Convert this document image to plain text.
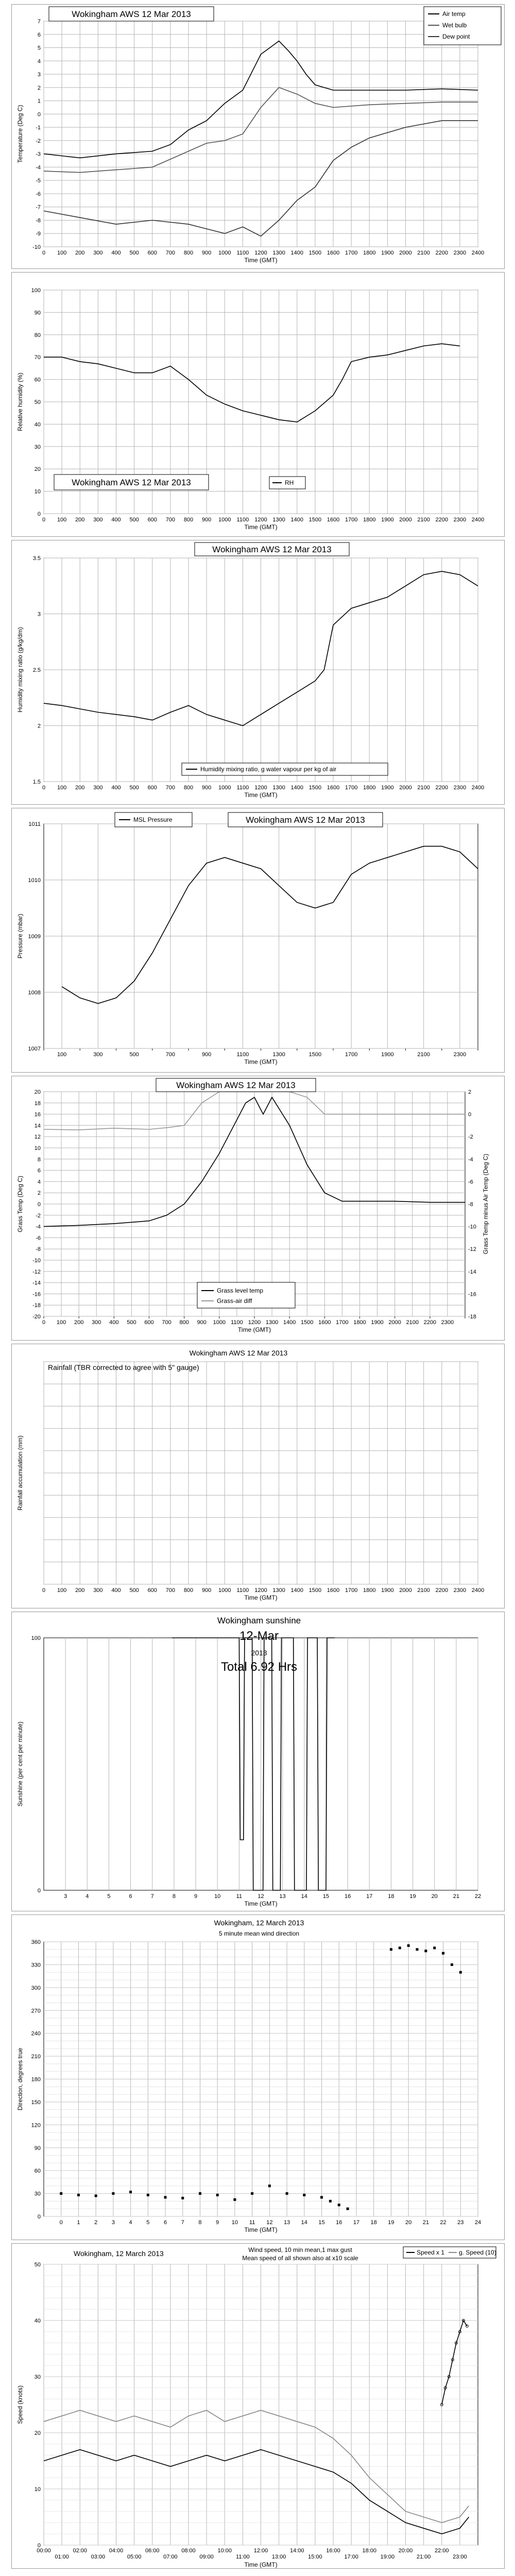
0 100 200 300 400 500 600 700 800 900 1000 1100 1200 1300 1400 1500 1600 1700 1800 1900 2000 2100 2200 2300 2400
-10
-9
-8
-7
-6
-5
-4
-3
-2
-1
0
1
2
3
4
5
6
7
Time (GMT)
Temperature (Deg C)
Wokingham AWS 12 Mar 2013	Air temp
Wet bulb
Dew point
0 100 200 300 400 500 600 700 800 900 1000 1100 1200 1300 1400 1500 1600 1700 1800 1900 2000 2100 2200 2300 2400
0
10
20
30
40
50
60
70
80
90
100
Time (GMT)
Relative humidity (%)
Wokingham AWS 12 Mar 2013	RH
0 100 200 300 400 500 600 700 800 900 1000 1100 1200 1300 1400 1500 1600 1700 1800 1900 2000 2100 2200 2300 2400
1.5
2
2.5
3
3.5
Time (GMT)
Humidity mixing ratio (g/kg/dm)
Wokingham AWS 12 Mar 2013
Humidity mixing ratio, g water vapour per kg of air
100	300	500	700	900	1100	1300	1500	1700	1900	2100	2300
1007
1008
1009
1010
1011
Time (GMT)
Pressure (mbar)
MSL Pressure	Wokingham AWS 12 Mar 2013
0 100 200 300 400 500 600 700 800 900 1000 1100 1200 1300 1400 1500 1600 1700 1800 1900 2000 2100 2200 2300
-20
-18
-16
-14
-12
-10
-8
-6
-4
-2
0
2
4
6
8
10
12
14
16
18
20
-18
-16
-14
-12
-10
-8
-6
-4
-2
0
2
Grass Temp minus Air Temp (Deg C)
Time (GMT)
Grass Temp (Deg C)
Wokingham AWS 12 Mar 2013
Grass level temp
Grass-air diff
0 100 200 300 400 500 600 700 800 900 1000 1100 1200 1300 1400 1500 1600 1700 1800 1900 2000 2100 2200 2300 2400
Time (GMT)
Rainfall accumulation (mm)
Wokingham AWS 12 Mar 2013
Rainfall (TBR corrected to agree with 5" gauge)
3	4	5	6	7	8	9	10	11	12	13	14	15	16	17	18	19	20	21	22
0
100
Time (GMT)
Sunshine (per cent per minute)
Wokingham sunshine
12-Mar
2013
Total 6.92 Hrs
0	1	2	3	4	5	6	7	8	9 10 11 12 13 14 15 16 17 18 19 20 21 22 23 24
0
30
60
90
120
150
180
210
240
270
300
330
360
Time (GMT)
Direction, degrees true
Wokingham, 12 March 2013
5 minute mean wind direction
00:00
01:00
02:00
03:00
04:00
05:00
06:00
07:00
08:00
09:00
10:00
11:00
12:00
13:00
14:00
15:00
16:00
17:00
18:00
19:00
20:00
21:00
22:00
23:00
0
10
20
30
40
50
Time (GMT)
Speed (knots)
Wokingham, 12 March 2013	Wind speed, 10 min mean,1 max gust
Mean speed of all shown also at x10 scale
Speed x 1 g. Speed (10)
